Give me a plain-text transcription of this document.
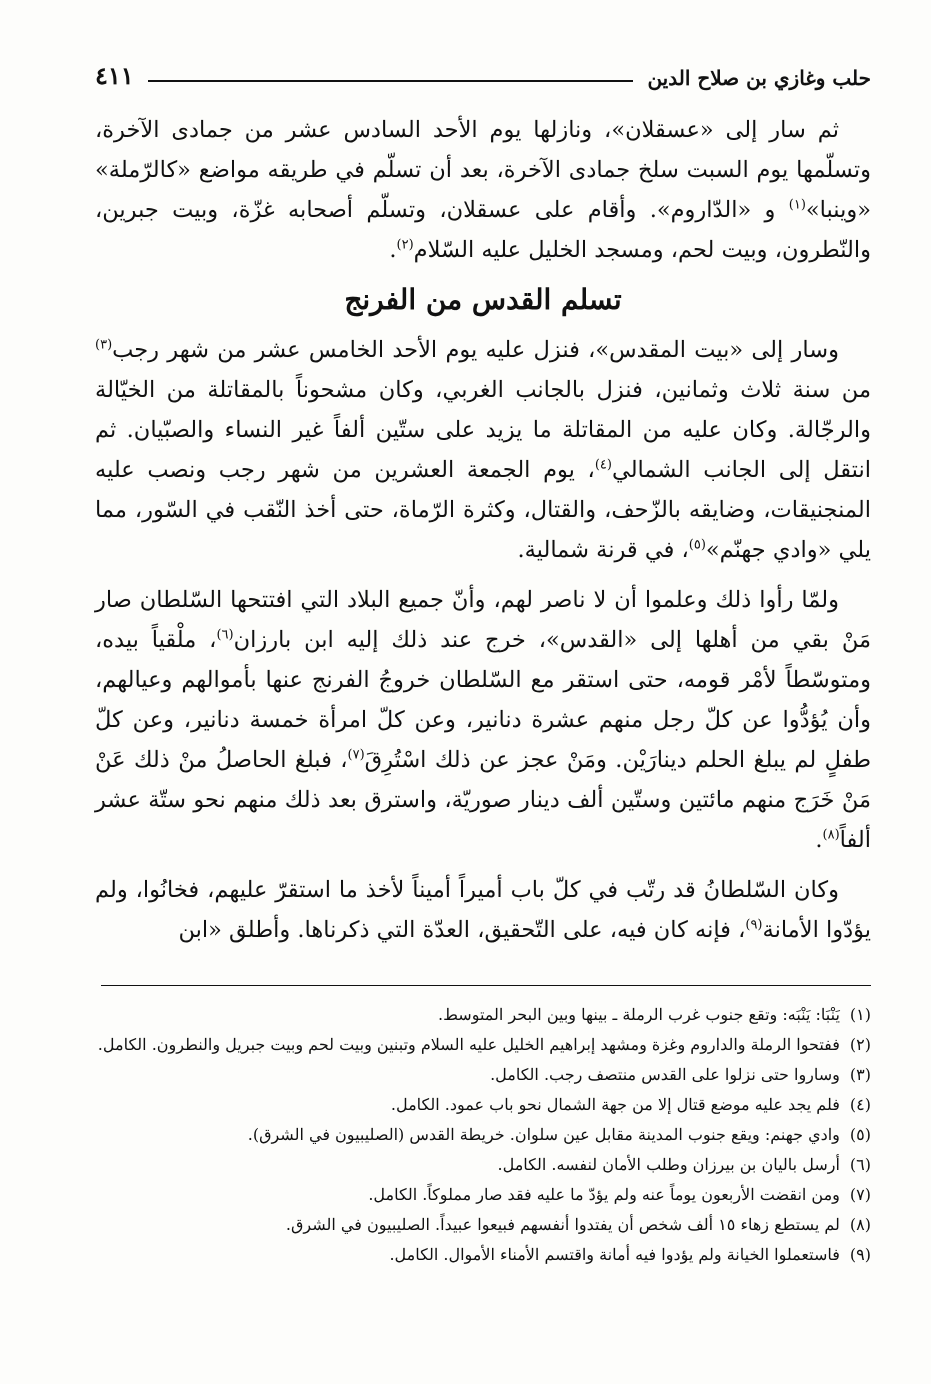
حلب وغازي بن صلاح الدين
٤١١

ثم سار إلى «عسقلان»، ونازلها يوم الأحد السادس عشر من جمادى الآخرة، وتسلّمها يوم السبت سلخ جمادى الآخرة، بعد أن تسلّم في طريقه مواضع «كالرّملة» «وينبا»$^{(١)}$ و «الدّاروم». وأقام على عسقلان، وتسلّم أصحابه غزّة، وبيت جبرين، والنّطرون، وبيت لحم، ومسجد الخليل عليه السّلام$^{(٢)}$.

تسلم القدس من الفرنج

وسار إلى «بيت المقدس»، فنزل عليه يوم الأحد الخامس عشر من شهر رجب$^{(٣)}$ من سنة ثلاث وثمانين، فنزل بالجانب الغربي، وكان مشحوناً بالمقاتلة من الخيّالة والرجّالة. وكان عليه من المقاتلة ما يزيد على ستّين ألفاً غير النساء والصبّيان. ثم انتقل إلى الجانب الشمالي$^{(٤)}$، يوم الجمعة العشرين من شهر رجب ونصب عليه المنجنيقات، وضايقه بالزّحف، والقتال، وكثرة الرّماة، حتى أخذ النّقب في السّور، مما يلي «وادي جهنّم»$^{(٥)}$، في قرنة شمالية.

ولمّا رأوا ذلك وعلموا أن لا ناصر لهم، وأنّ جميع البلاد التي افتتحها السّلطان صار مَنْ بقي من أهلها إلى «القدس»، خرج عند ذلك إليه ابن بارزان$^{(٦)}$، ملْقياً بيده، ومتوسّطاً لأمْر قومه، حتى استقر مع السّلطان خروجُ الفرنج عنها بأموالهم وعيالهم، وأن يُؤدُّوا عن كلّ رجل منهم عشرة دنانير، وعن كلّ امرأة خمسة دنانير، وعن كلّ طفلٍ لم يبلغ الحلم دينارَيْن. ومَنْ عجز عن ذلك اسْتُرِقَ$^{(٧)}$، فبلغ الحاصلُ منْ ذلك عَنْ مَنْ خَرَج منهم مائتين وستّين ألف دينار صوريّة، واسترق بعد ذلك منهم نحو ستّة عشر ألفاً$^{(٨)}$.

وكان السّلطانُ قد رتّب في كلّ باب أميراً أميناً لأخذ ما استقرّ عليهم، فخانُوا، ولم يؤدّوا الأمانة$^{(٩)}$، فإنه كان فيه، على التّحقيق، العدّة التي ذكرناها. وأطلق «ابن

(١)
يَنْبَا: يَنْبَه: وتقع جنوب غرب الرملة ـ بينها وبين البحر المتوسط.
(٢)
ففتحوا الرملة والداروم وغزة ومشهد إبراهيم الخليل عليه السلام وتبنين وبيت لحم وبيت جبريل والنطرون. الكامل.
(٣)
وساروا حتى نزلوا على القدس منتصف رجب. الكامل.
(٤)
فلم يجد عليه موضع قتال إلا من جهة الشمال نحو باب عمود. الكامل.
(٥)
وادي جهنم: ويقع جنوب المدينة مقابل عين سلوان. خريطة القدس (الصليبيون في الشرق).
(٦)
أرسل باليان بن بيرزان وطلب الأمان لنفسه. الكامل.
(٧)
ومن انقضت الأربعون يوماً عنه ولم يؤدّ ما عليه فقد صار مملوكاً. الكامل.
(٨)
لم يستطع زهاء ١٥ ألف شخص أن يفتدوا أنفسهم فبيعوا عبيداً. الصليبيون في الشرق.
(٩)
فاستعملوا الخيانة ولم يؤدوا فيه أمانة واقتسم الأمناء الأموال. الكامل.
